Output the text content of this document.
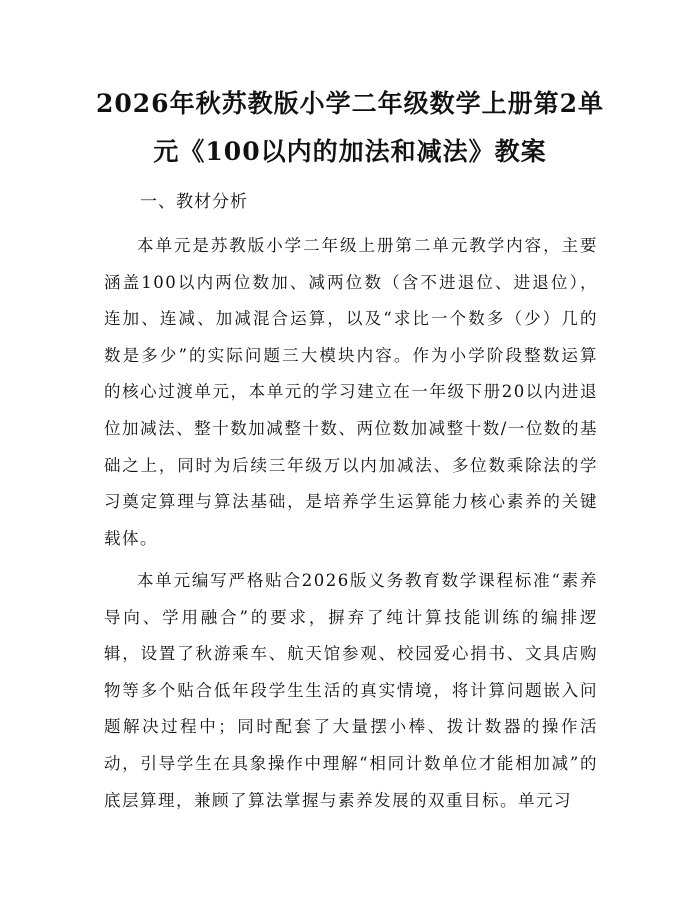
2026年秋苏教版小学二年级数学上册第2单元《100以内的加法和减法》教案

一、教材分析

本单元是苏教版小学二年级上册第二单元教学内容，主要涵盖100以内两位数加、减两位数（含不进退位、进退位），连加、连减、加减混合运算，以及“求比一个数多（少）几的数是多少”的实际问题三大模块内容。作为小学阶段整数运算的核心过渡单元，本单元的学习建立在一年级下册20以内进退位加减法、整十数加减整十数、两位数加减整十数/一位数的基础之上，同时为后续三年级万以内加减法、多位数乘除法的学习奠定算理与算法基础，是培养学生运算能力核心素养的关键载体。

本单元编写严格贴合2026版义务教育数学课程标准“素养导向、学用融合”的要求，摒弃了纯计算技能训练的编排逻辑，设置了秋游乘车、航天馆参观、校园爱心捐书、文具店购物等多个贴合低年段学生生活的真实情境，将计算问题嵌入问题解决过程中；同时配套了大量摆小棒、拨计数器的操作活动，引导学生在具象操作中理解“相同计数单位才能相加减”的底层算理，兼顾了算法掌握与素养发展的双重目标。单元习
